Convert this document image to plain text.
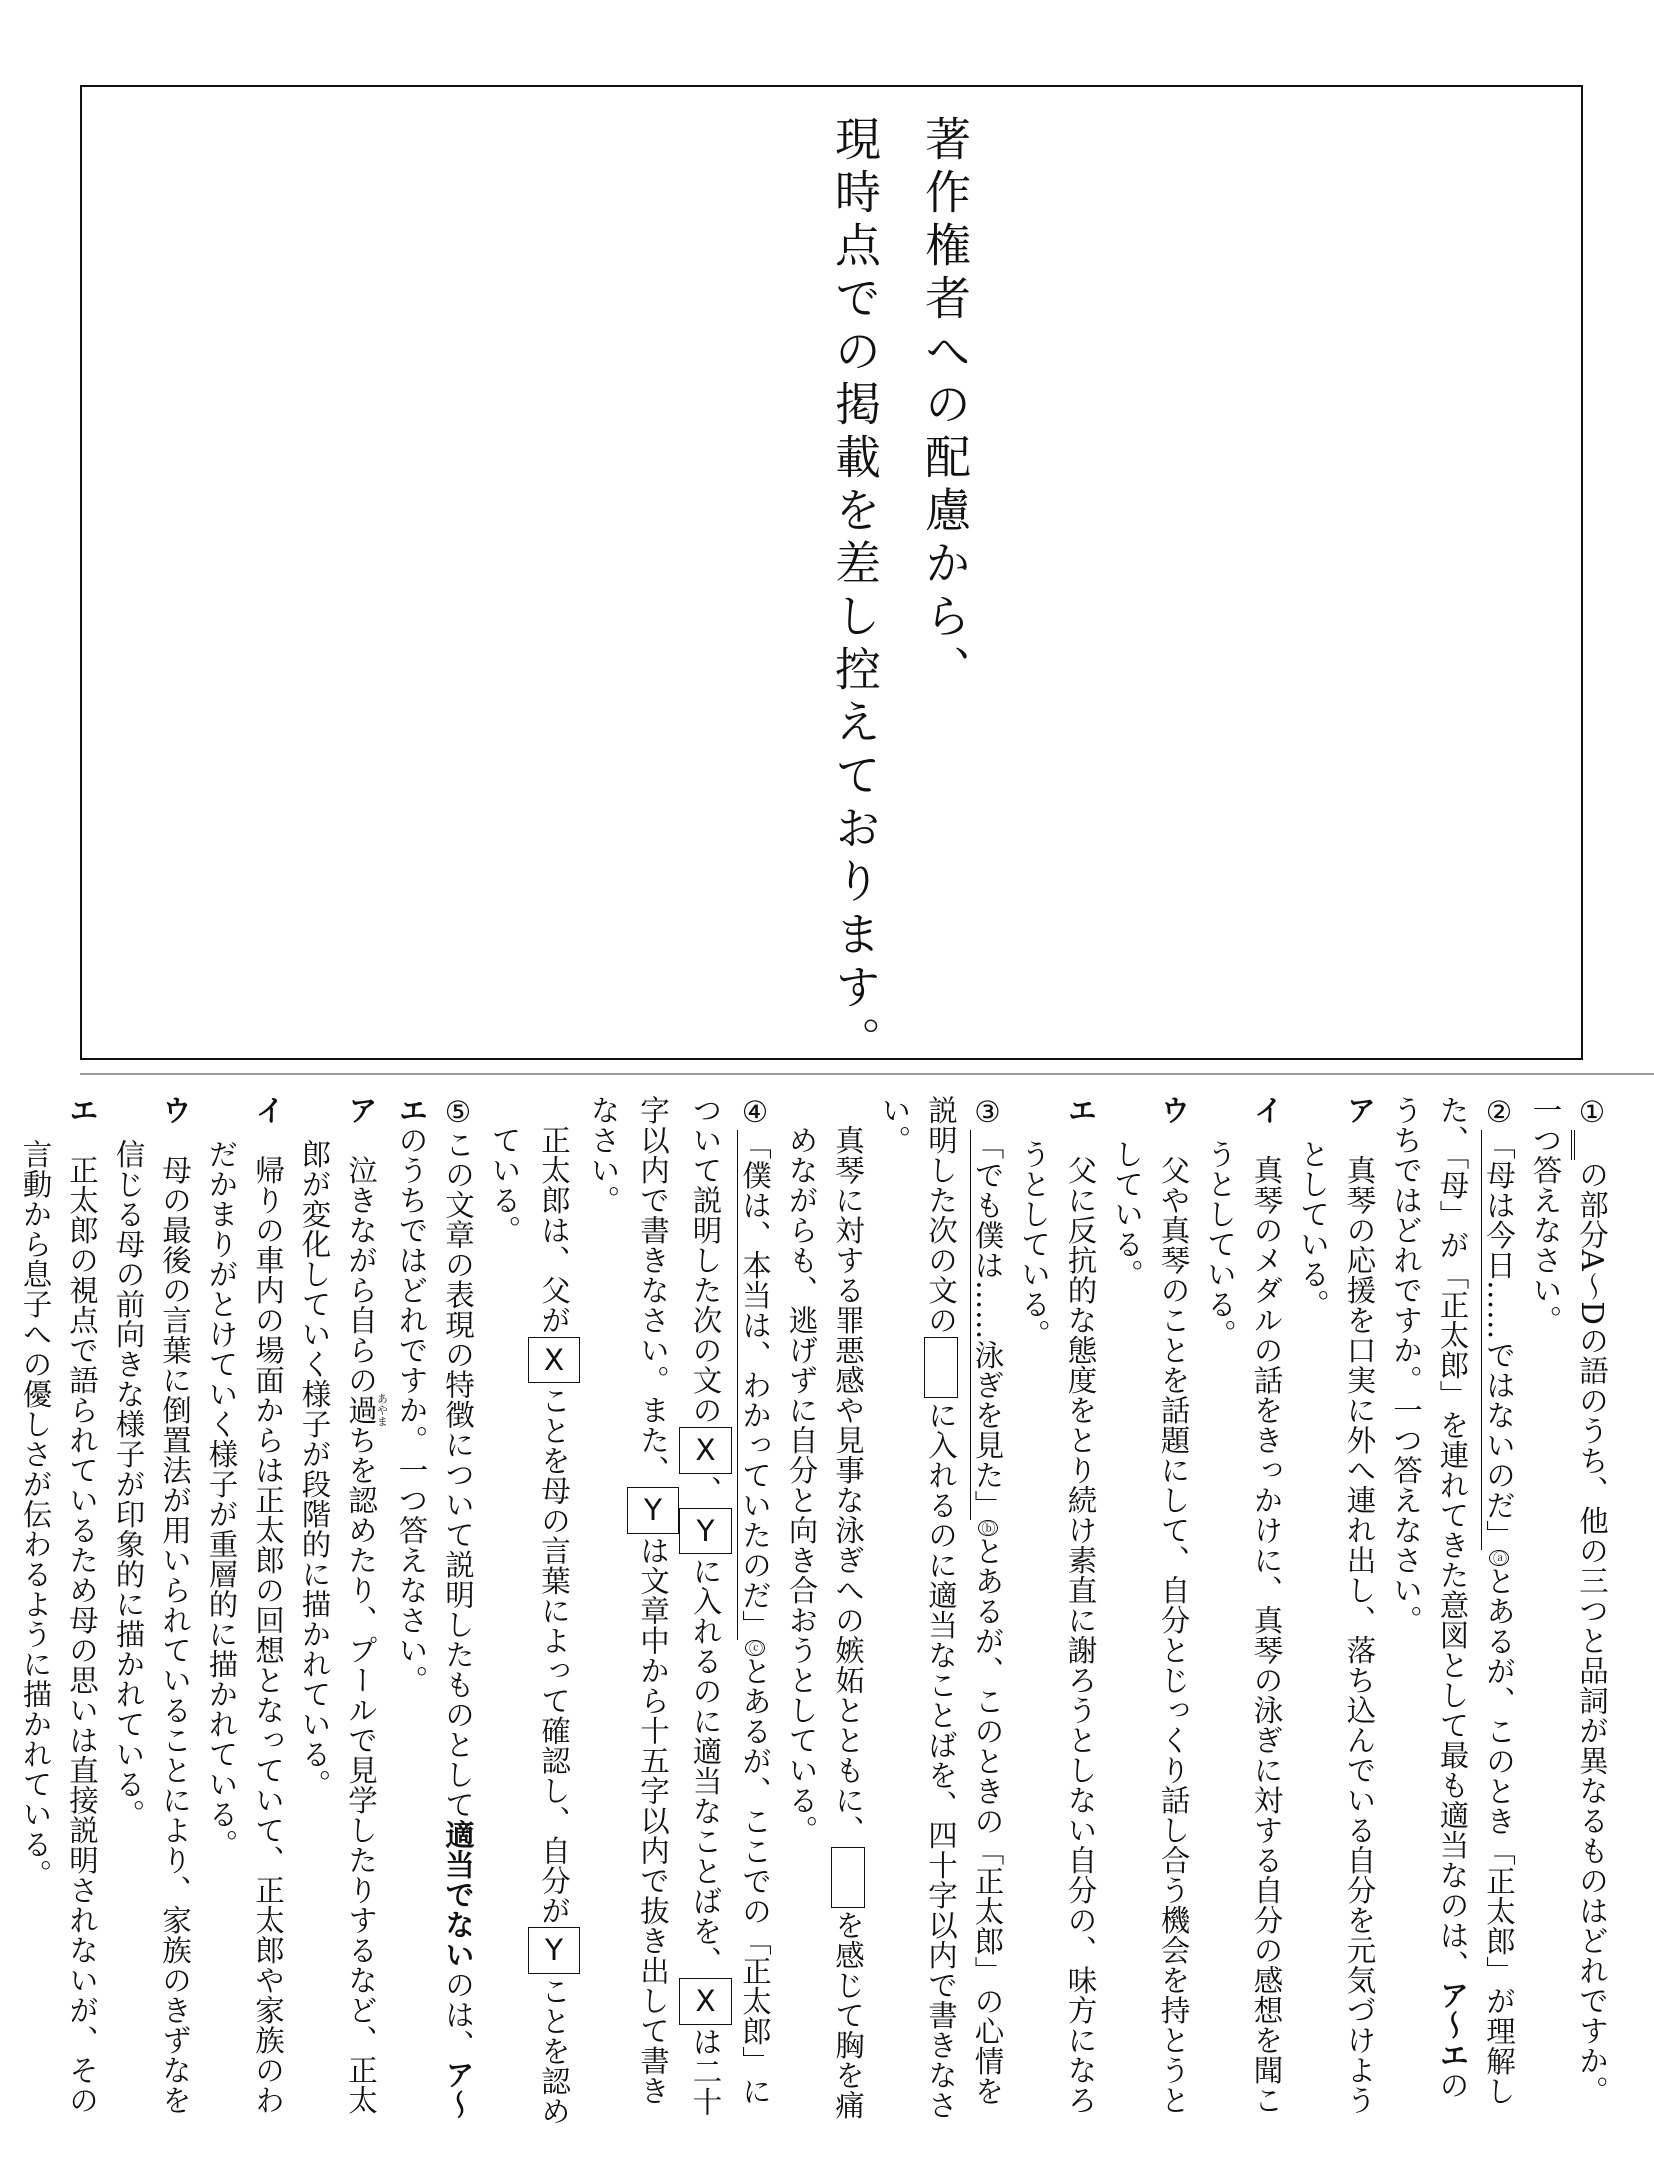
著作権者への配慮から、
現時点での掲載を差し控えております。

①　の部分A～Dの語のうち、他の三つと品詞が異なるものはどれですか。一つ答えなさい。

②「母は今日……ではないのだ」ⓐとあるが、このとき「正太郎」が理解した、「母」が「正太郎」を連れてきた意図として最も適当なのは、ア～エのうちではどれですか。一つ答えなさい。

ア　真琴の応援を口実に外へ連れ出し、落ち込んでいる自分を元気づけようとしている。

イ　真琴のメダルの話をきっかけに、真琴の泳ぎに対する自分の感想を聞こうとしている。

ウ　父や真琴のことを話題にして、自分とじっくり話し合う機会を持とうとしている。

エ　父に反抗的な態度をとり続け素直に謝ろうとしない自分の、味方になろうとしている。

③「でも僕は……泳ぎを見た」ⓑとあるが、このときの「正太郎」の心情を説明した次の文のに入れるのに適当なことばを、四十字以内で書きなさい。

真琴に対する罪悪感や見事な泳ぎへの嫉妬とともに、を感じて胸を痛めながらも、逃げずに自分と向き合おうとしている。

④「僕は、本当は、わかっていたのだ」ⓒとあるが、ここでの「正太郎」について説明した次の文のX、Yに入れるのに適当なことばを、Xは二十字以内で書きなさい。また、Yは文章中から十五字以内で抜き出して書きなさい。

正太郎は、父がXことを母の言葉によって確認し、自分がYことを認めている。

⑤この文章の表現の特徴について説明したものとして適当でないのは、ア～エのうちではどれですか。一つ答えなさい。

ア　泣きながら自らの過あやまちを認めたり、プールで見学したりするなど、正太郎が変化していく様子が段階的に描かれている。

イ　帰りの車内の場面からは正太郎の回想となっていて、正太郎や家族のわだかまりがとけていく様子が重層的に描かれている。

ウ　母の最後の言葉に倒置法が用いられていることにより、家族のきずなを信じる母の前向きな様子が印象的に描かれている。

エ　正太郎の視点で語られているため母の思いは直接説明されないが、その言動から息子への優しさが伝わるように描かれている。
